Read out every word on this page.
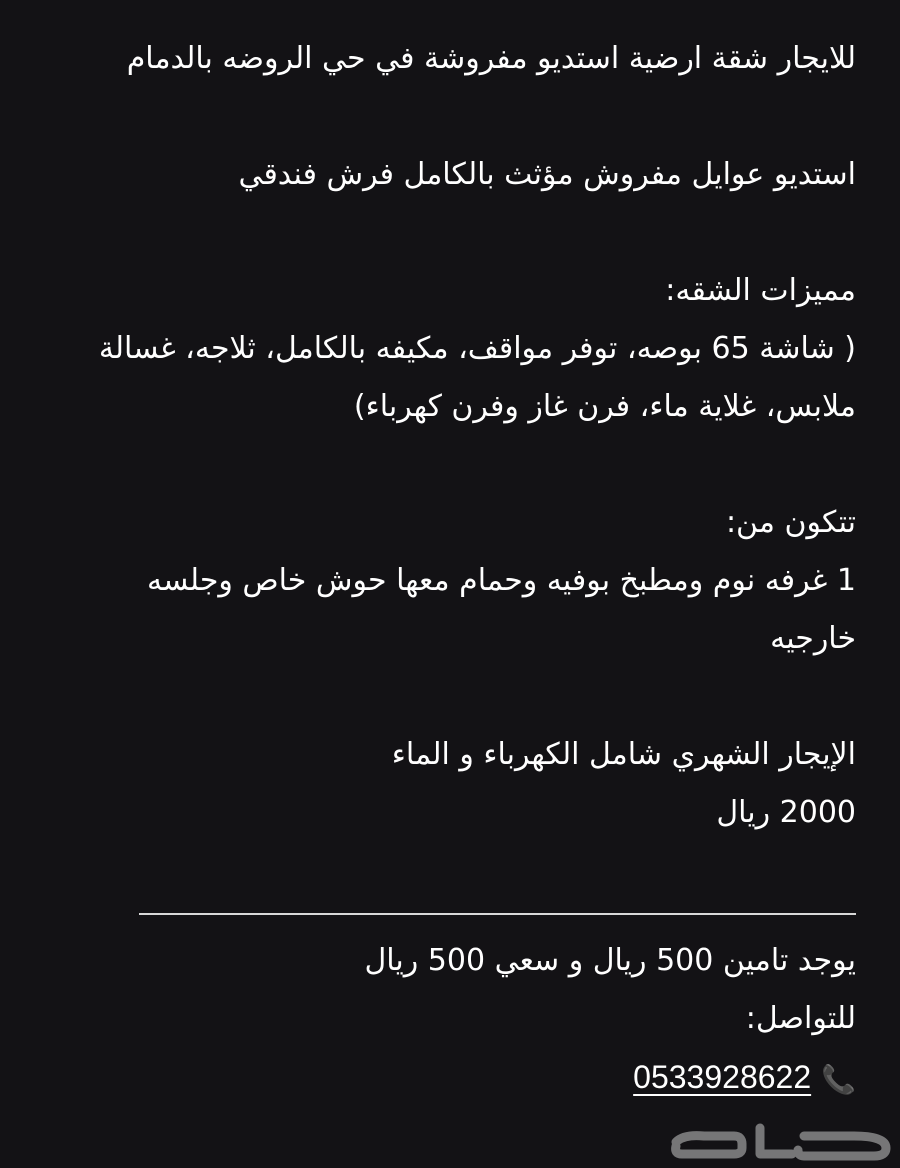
للايجار شقة ارضية استديو مفروشة في حي الروضه بالدمام
استديو عوايل مفروش مؤثث بالكامل فرش فندقي
مميزات الشقه:
( شاشة 65 بوصه، توفر مواقف، مكيفه بالكامل، ثلاجه، غسالة
ملابس، غلاية ماء، فرن غاز وفرن كهرباء)
تتكون من:
1 غرفه نوم ومطبخ بوفيه وحمام معها حوش خاص وجلسه
خارجيه
الإيجار الشهري شامل الكهرباء و الماء
2000 ريال
يوجد تامين 500 ريال و سعي 500 ريال
للتواصل:
📞0533928622
